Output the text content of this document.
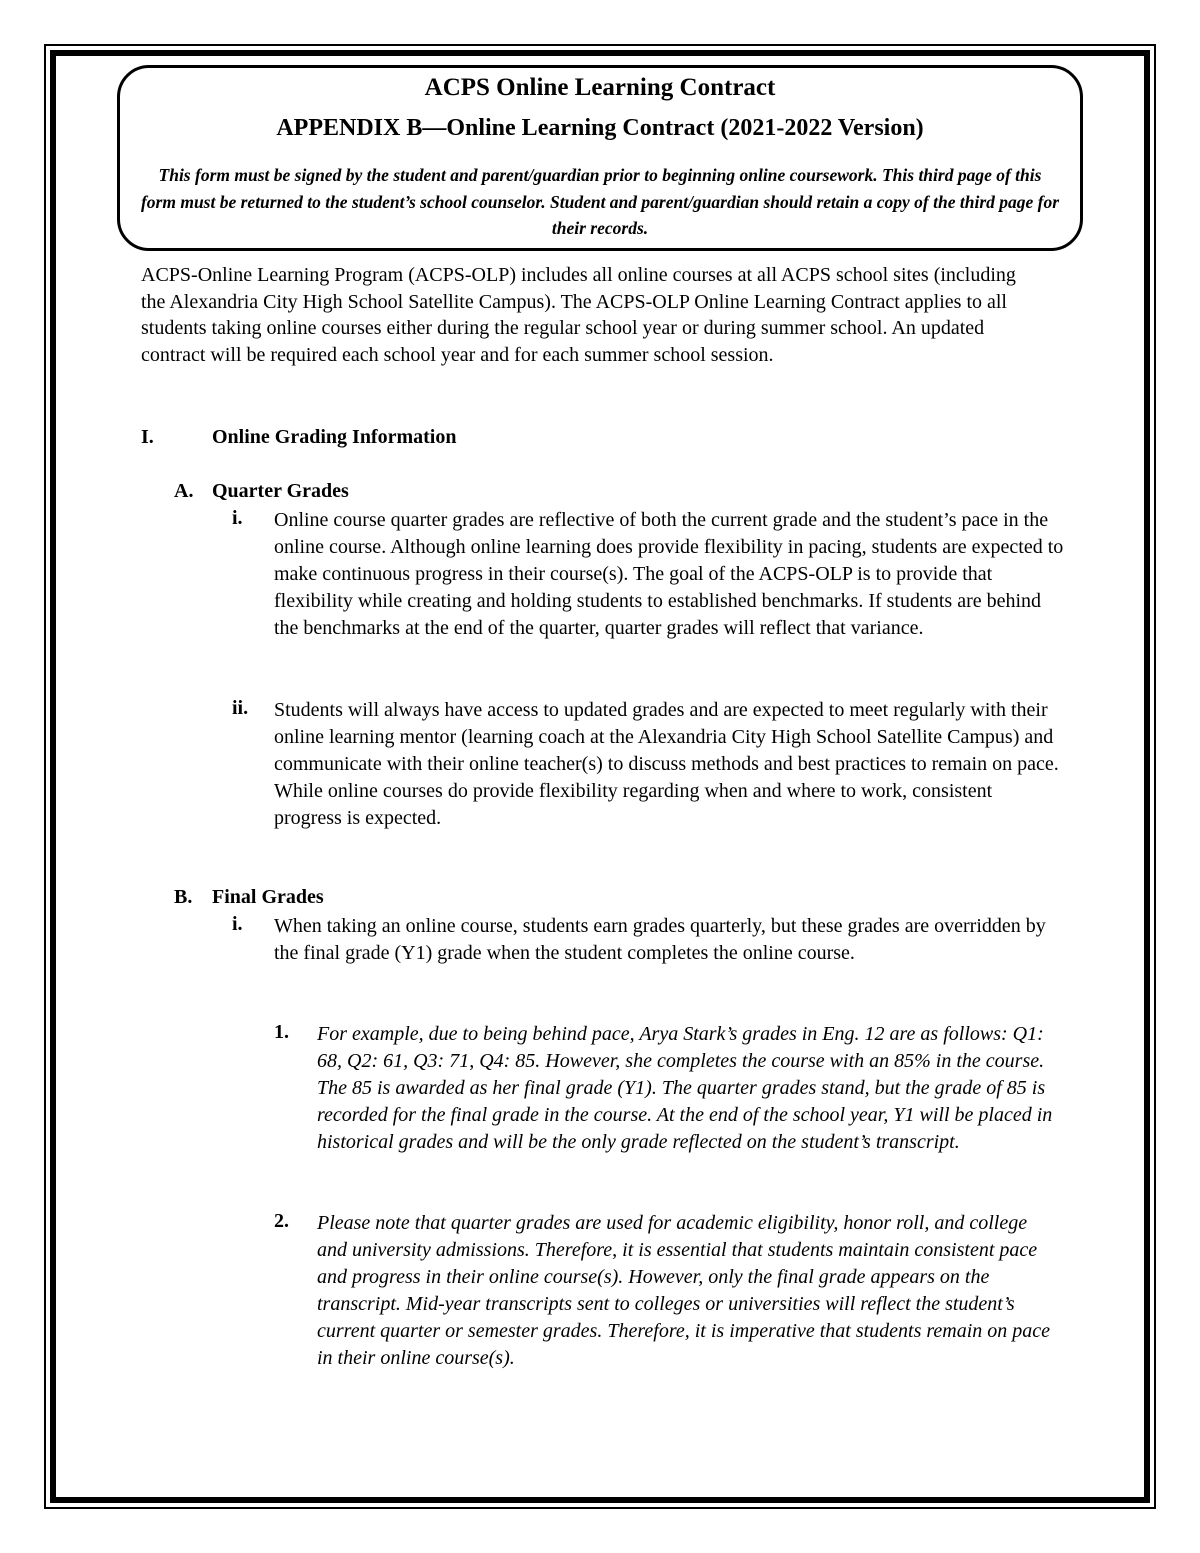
ACPS Online Learning Contract
APPENDIX B—Online Learning Contract (2021-2022 Version)
This form must be signed by the student and parent/guardian prior to beginning online coursework. This third page of this form must be returned to the student’s school counselor. Student and parent/guardian should retain a copy of the third page for their records.
ACPS-Online Learning Program (ACPS-OLP) includes all online courses at all ACPS school sites (including the Alexandria City High School Satellite Campus). The ACPS-OLP Online Learning Contract applies to all students taking online courses either during the regular school year or during summer school. An updated contract will be required each school year and for each summer school session.
I.	Online Grading Information
A. Quarter Grades
i. Online course quarter grades are reflective of both the current grade and the student’s pace in the online course. Although online learning does provide flexibility in pacing, students are expected to make continuous progress in their course(s). The goal of the ACPS-OLP is to provide that flexibility while creating and holding students to established benchmarks. If students are behind the benchmarks at the end of the quarter, quarter grades will reflect that variance.
ii. Students will always have access to updated grades and are expected to meet regularly with their online learning mentor (learning coach at the Alexandria City High School Satellite Campus) and communicate with their online teacher(s) to discuss methods and best practices to remain on pace. While online courses do provide flexibility regarding when and where to work, consistent progress is expected.
B. Final Grades
i. When taking an online course, students earn grades quarterly, but these grades are overridden by the final grade (Y1) grade when the student completes the online course.
1. For example, due to being behind pace, Arya Stark’s grades in Eng. 12 are as follows: Q1: 68, Q2: 61, Q3: 71, Q4: 85. However, she completes the course with an 85% in the course. The 85 is awarded as her final grade (Y1). The quarter grades stand, but the grade of 85 is recorded for the final grade in the course. At the end of the school year, Y1 will be placed in historical grades and will be the only grade reflected on the student’s transcript.
2. Please note that quarter grades are used for academic eligibility, honor roll, and college and university admissions. Therefore, it is essential that students maintain consistent pace and progress in their online course(s). However, only the final grade appears on the transcript. Mid-year transcripts sent to colleges or universities will reflect the student’s current quarter or semester grades. Therefore, it is imperative that students remain on pace in their online course(s).
